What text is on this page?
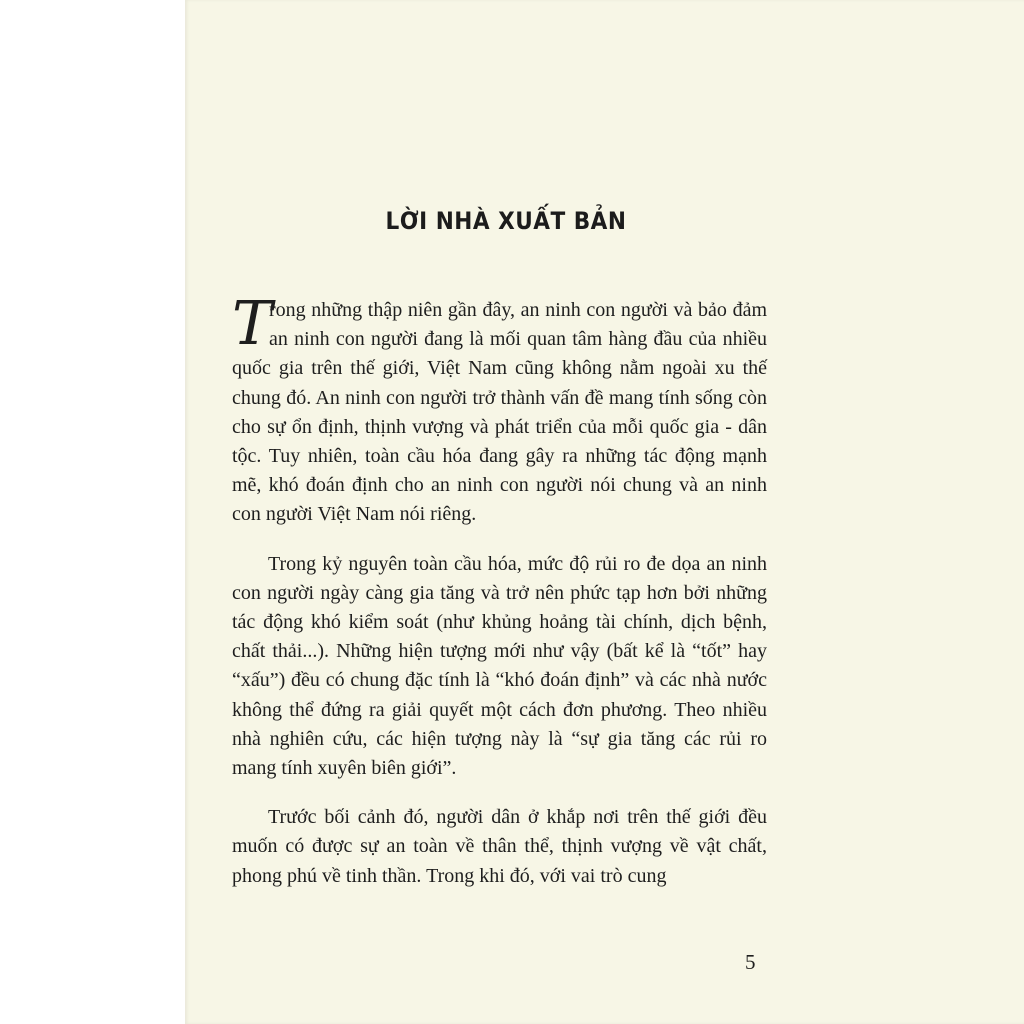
LỜI NHÀ XUẤT BẢN

T
rong những thập niên gần đây, an ninh con người và bảo đảm an ninh con người đang là mối quan tâm hàng đầu của nhiều quốc gia trên thế giới, Việt Nam cũng không nằm ngoài xu thế chung đó. An ninh con người trở thành vấn đề mang tính sống còn cho sự ổn định, thịnh vượng và phát triển của mỗi quốc gia - dân tộc. Tuy nhiên, toàn cầu hóa đang gây ra những tác động mạnh mẽ, khó đoán định cho an ninh con người nói chung và an ninh con người Việt Nam nói riêng.

Trong kỷ nguyên toàn cầu hóa, mức độ rủi ro đe dọa an ninh con người ngày càng gia tăng và trở nên phức tạp hơn bởi những tác động khó kiểm soát (như khủng hoảng tài chính, dịch bệnh, chất thải...). Những hiện tượng mới như vậy (bất kể là “tốt” hay “xấu”) đều có chung đặc tính là “khó đoán định” và các nhà nước không thể đứng ra giải quyết một cách đơn phương. Theo nhiều nhà nghiên cứu, các hiện tượng này là “sự gia tăng các rủi ro mang tính xuyên biên giới”.

Trước bối cảnh đó, người dân ở khắp nơi trên thế giới đều muốn có được sự an toàn về thân thể, thịnh vượng về vật chất, phong phú về tinh thần. Trong khi đó, với vai trò cung

5
